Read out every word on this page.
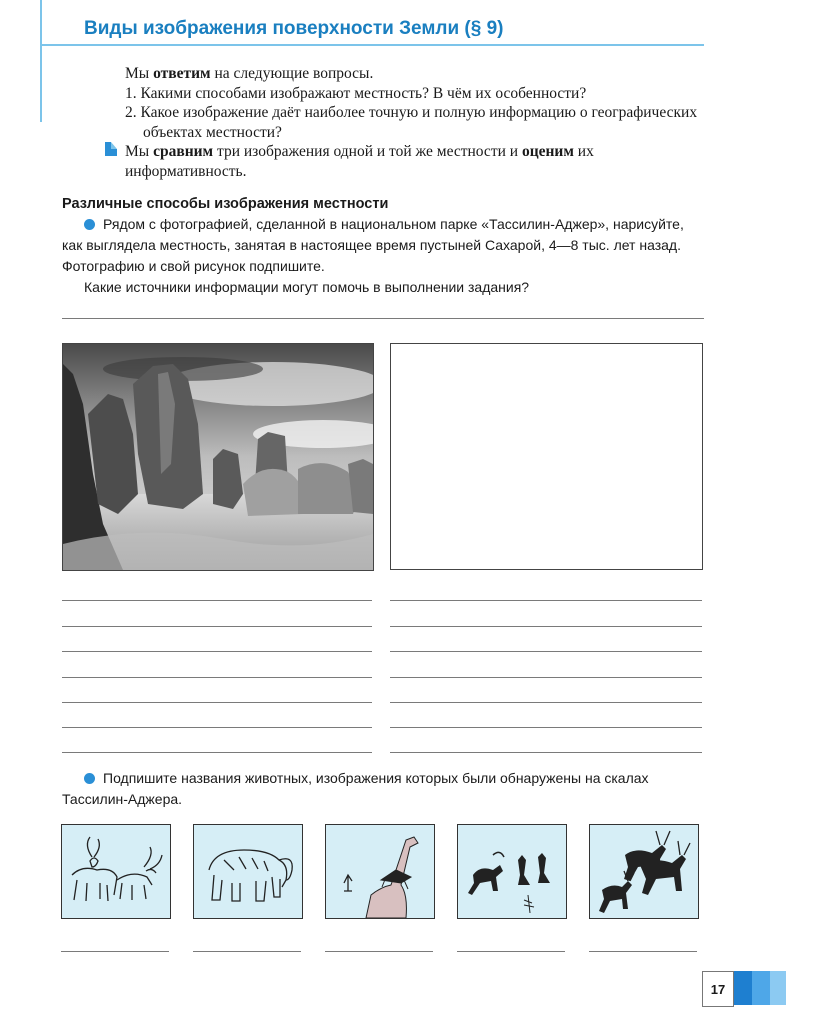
Виды изображения поверхности Земли (§ 9)

Мы ответим на следующие вопросы.

1. Какими способами изображают местность? В чём их особенности?

2. Какое изображение даёт наиболее точную и полную информацию о географических объектах местности?

Мы сравним три изображения одной и той же местности и оценим их информативность.

Различные способы изображения местности

Рядом с фотографией, сделанной в национальном парке «Тассилин-Аджер», нарисуйте, как выглядела местность, занятая в настоящее время пустыней Сахарой, 4—8 тыс. лет назад. Фотографию и свой рисунок подпишите.

Какие источники информации могут помочь в выполнении задания?

Подпишите названия животных, изображения которых были обнаружены на скалах Тассилин-Аджера.

17
